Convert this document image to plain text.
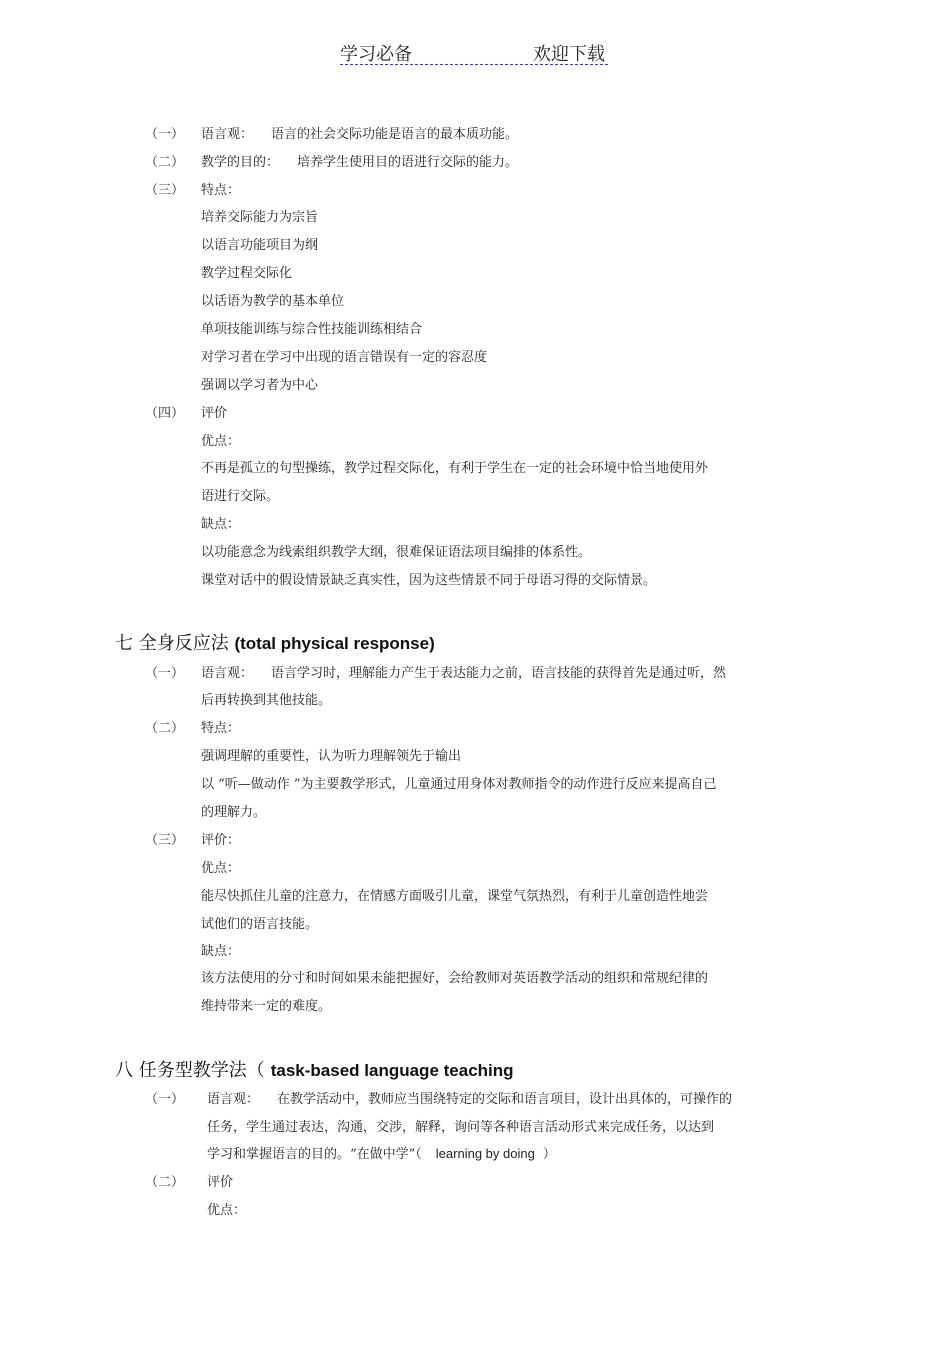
学习必备	欢迎下载
（一） 语言观： 语言的社会交际功能是语言的最本质功能。
（二） 教学的目的： 培养学生使用目的语进行交际的能力。
（三） 特点：
培养交际能力为宗旨
以语言功能项目为纲
教学过程交际化
以话语为教学的基本单位
单项技能训练与综合性技能训练相结合
对学习者在学习中出现的语言错误有一定的容忍度
强调以学习者为中心
（四） 评价
优点：
不再是孤立的句型操练，教学过程交际化，有利于学生在一定的社会环境中恰当地使用外
语进行交际。
缺点：
以功能意念为线索组织教学大纲，很难保证语法项目编排的体系性。
课堂对话中的假设情景缺乏真实性，因为这些情景不同于母语习得的交际情景。
七 全身反应法 (total physical response)
（一） 语言观： 语言学习时，理解能力产生于表达能力之前，语言技能的获得首先是通过听，然
后再转换到其他技能。
（二） 特点：
强调理解的重要性，认为听力理解领先于输出
以 “听—做动作 ”为主要教学形式，儿童通过用身体对教师指令的动作进行反应来提高自己
的理解力。
（三） 评价：
优点：
能尽快抓住儿童的注意力，在情感方面吸引儿童，课堂气氛热烈，有利于儿童创造性地尝
试他们的语言技能。
缺点：
该方法使用的分寸和时间如果未能把握好，会给教师对英语教学活动的组织和常规纪律的
维持带来一定的难度。
八 任务型教学法（ task-based language teaching
（一） 语言观： 在教学活动中，教师应当围绕特定的交际和语言项目，设计出具体的，可操作的
任务，学生通过表达，沟通，交涉，解释，询问等各种语言活动形式来完成任务，以达到
学习和掌握语言的目的。“在做中学”（ learning by doing ）
（二） 评价
优点：
